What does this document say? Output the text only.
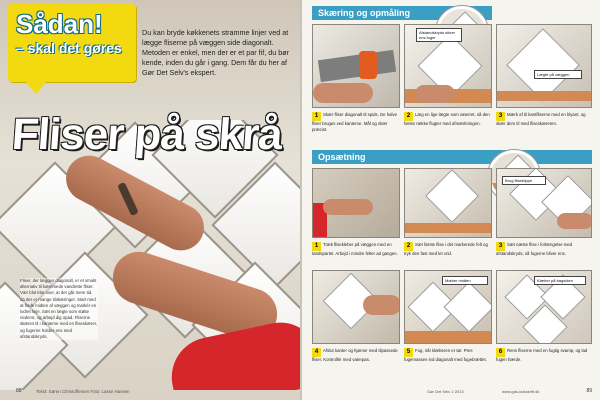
Sådan!
– skal det gøres

Du kan bryde køkkenets stramme linjer ved at lægge fliserne på væggen side diagonalt. Metoden er enkel, men der er et par fif, du bør kende, inden du går i gang. Dem får du her af Gør Det Selv's ekspert.

Fliser på skrå

Fliser, der lægges diagonalt, er et smukt alternativ til kæmmede vandrette fliser. Vær blot klar over, at der går mere tid, da der er mange tilskæringer. Start med at finde midten af væggen og markér en lodret linje. Sæt en lægte som støtte nederst, og arbejd dig opad. Fliserne skæres til i kanterne med en fliseskærer, og fugerne holdes ens med afstandskryds.

88	Tekst: Søren Christoffersen Foto: Lasse Hansen
Skæring og opmåling
Afstandskryds sikrer ens fuger
Lægte på væggen

1 Skær fliser diagonalt til spids. De halve fliser bruges ved kanterne. Mål og skær præcist.

2 Læg en lige lægte som vaterret, så den første række flugter med afmærkningen.

3 Mærk af til kantfliserne med en blyant, og skær dem til med fliseskæreren.

Opsætning
Brug fliseklippe

1 Træk flisekleber på væggen med en tandspartel. Arbejd i mindre felter ad gangen.

2 Sæt første flise i det markerede felt og tryk den fast med let vrid.

3 Sæt næste flise i forlængelse med afstandskryds, så fugerne bliver ens.

Marker midten	Klæber på bagsiden

4 Afslut kanter og hjørner med tilpassede fliser. Kontrollér med vaterpas.

5 Fug, når klæberen er tør. Pres fugemassen ind diagonalt med fugebrættet.

6 Rens fliserne med en fugtig svamp, og lad fugen hærde.

Gør Det Selv 1·2013	www.gds-tidsskrift.dk	89
